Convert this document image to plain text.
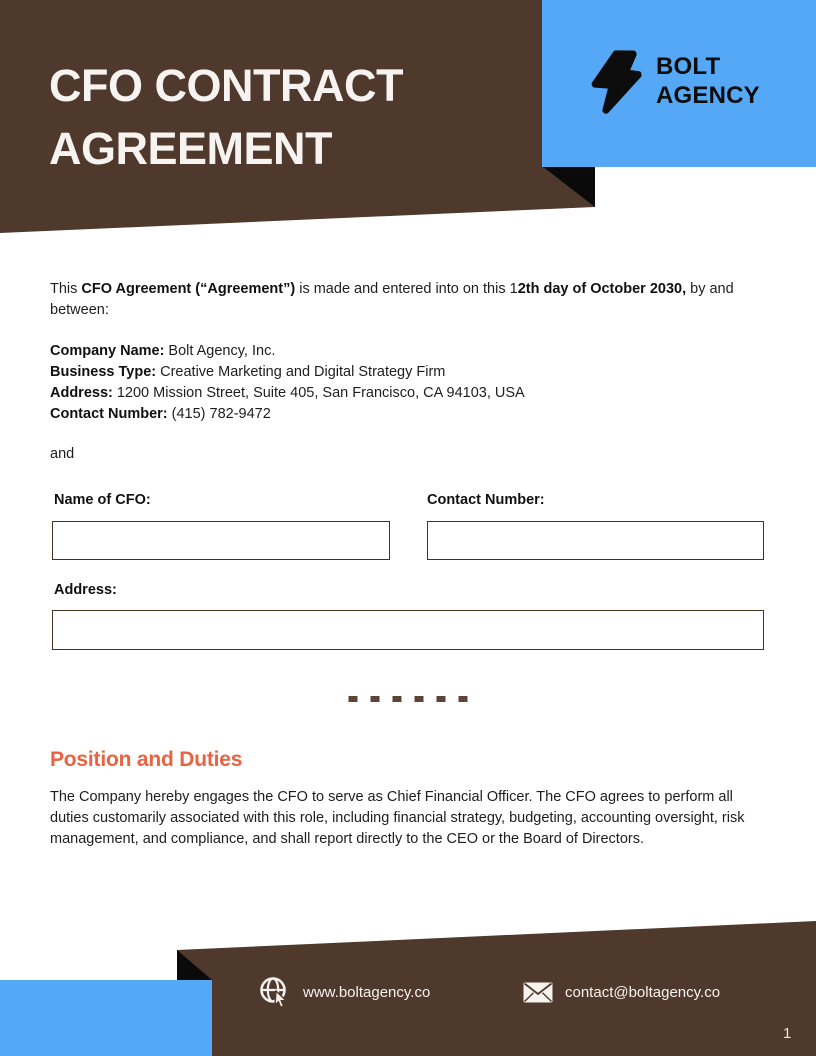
CFO CONTRACT
AGREEMENT
BOLT
AGENCY

This CFO Agreement (“Agreement”) is made and entered into on this 12th day of October 2030, by and between:

Company Name: Bolt Agency, Inc.
Business Type: Creative Marketing and Digital Strategy Firm
Address: 1200 Mission Street, Suite 405, San Francisco, CA 94103, USA
Contact Number: (415) 782-9472

and

Name of CFO:	Contact Number:
Address:
Position and Duties

The Company hereby engages the CFO to serve as Chief Financial Officer. The CFO agrees to perform all duties customarily associated with this role, including financial strategy, budgeting, accounting oversight, risk management, and compliance, and shall report directly to the CEO or the Board of Directors.

www.boltagency.co	contact@boltagency.co
1
